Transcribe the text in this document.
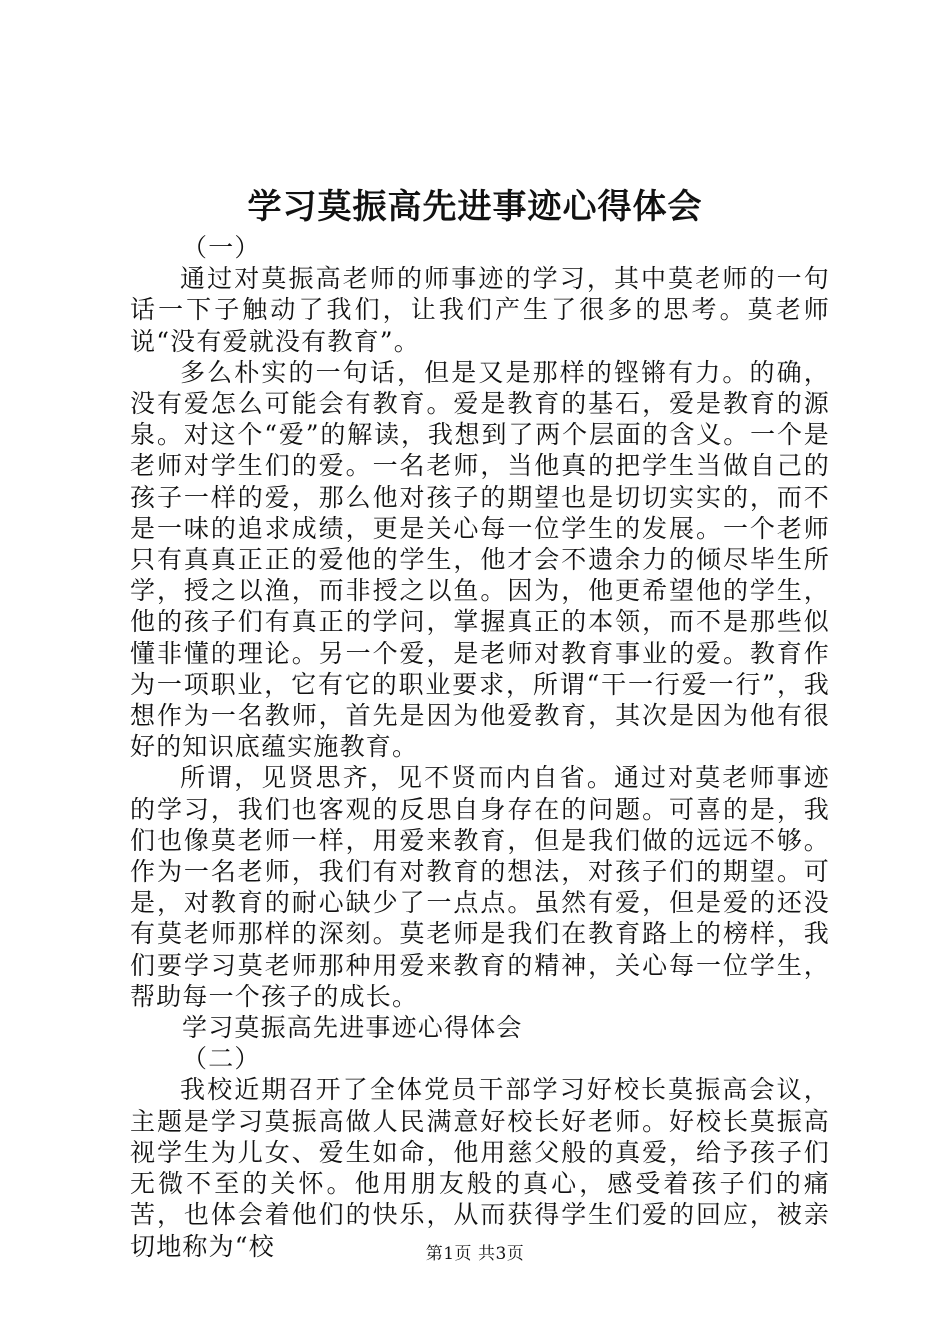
学习莫振高先进事迹心得体会

（一）

通过对莫振高老师的师事迹的学习，其中莫老师的一句话一下子触动了我们，让我们产生了很多的思考。莫老师说“没有爱就没有教育”。

多么朴实的一句话，但是又是那样的铿锵有力。的确，没有爱怎么可能会有教育。爱是教育的基石，爱是教育的源泉。对这个“爱”的解读，我想到了两个层面的含义。一个是老师对学生们的爱。一名老师，当他真的把学生当做自己的孩子一样的爱，那么他对孩子的期望也是切切实实的，而不是一味的追求成绩，更是关心每一位学生的发展。一个老师只有真真正正的爱他的学生，他才会不遗余力的倾尽毕生所学，授之以渔，而非授之以鱼。因为，他更希望他的学生，他的孩子们有真正的学问，掌握真正的本领，而不是那些似懂非懂的理论。另一个爱，是老师对教育事业的爱。教育作为一项职业，它有它的职业要求，所谓“干一行爱一行”，我想作为一名教师，首先是因为他爱教育，其次是因为他有很好的知识底蕴实施教育。

所谓，见贤思齐，见不贤而内自省。通过对莫老师事迹的学习，我们也客观的反思自身存在的问题。可喜的是，我们也像莫老师一样，用爱来教育，但是我们做的远远不够。作为一名老师，我们有对教育的想法，对孩子们的期望。可是，对教育的耐心缺少了一点点。虽然有爱，但是爱的还没有莫老师那样的深刻。莫老师是我们在教育路上的榜样，我们要学习莫老师那种用爱来教育的精神，关心每一位学生，帮助每一个孩子的成长。

学习莫振高先进事迹心得体会

（二）

我校近期召开了全体党员干部学习好校长莫振高会议，主题是学习莫振高做人民满意好校长好老师。好校长莫振高视学生为儿女、爱生如命，他用慈父般的真爱，给予孩子们无微不至的关怀。他用朋友般的真心，感受着孩子们的痛苦，也体会着他们的快乐，从而获得学生们爱的回应，被亲切地称为“校	第1页 共3页
